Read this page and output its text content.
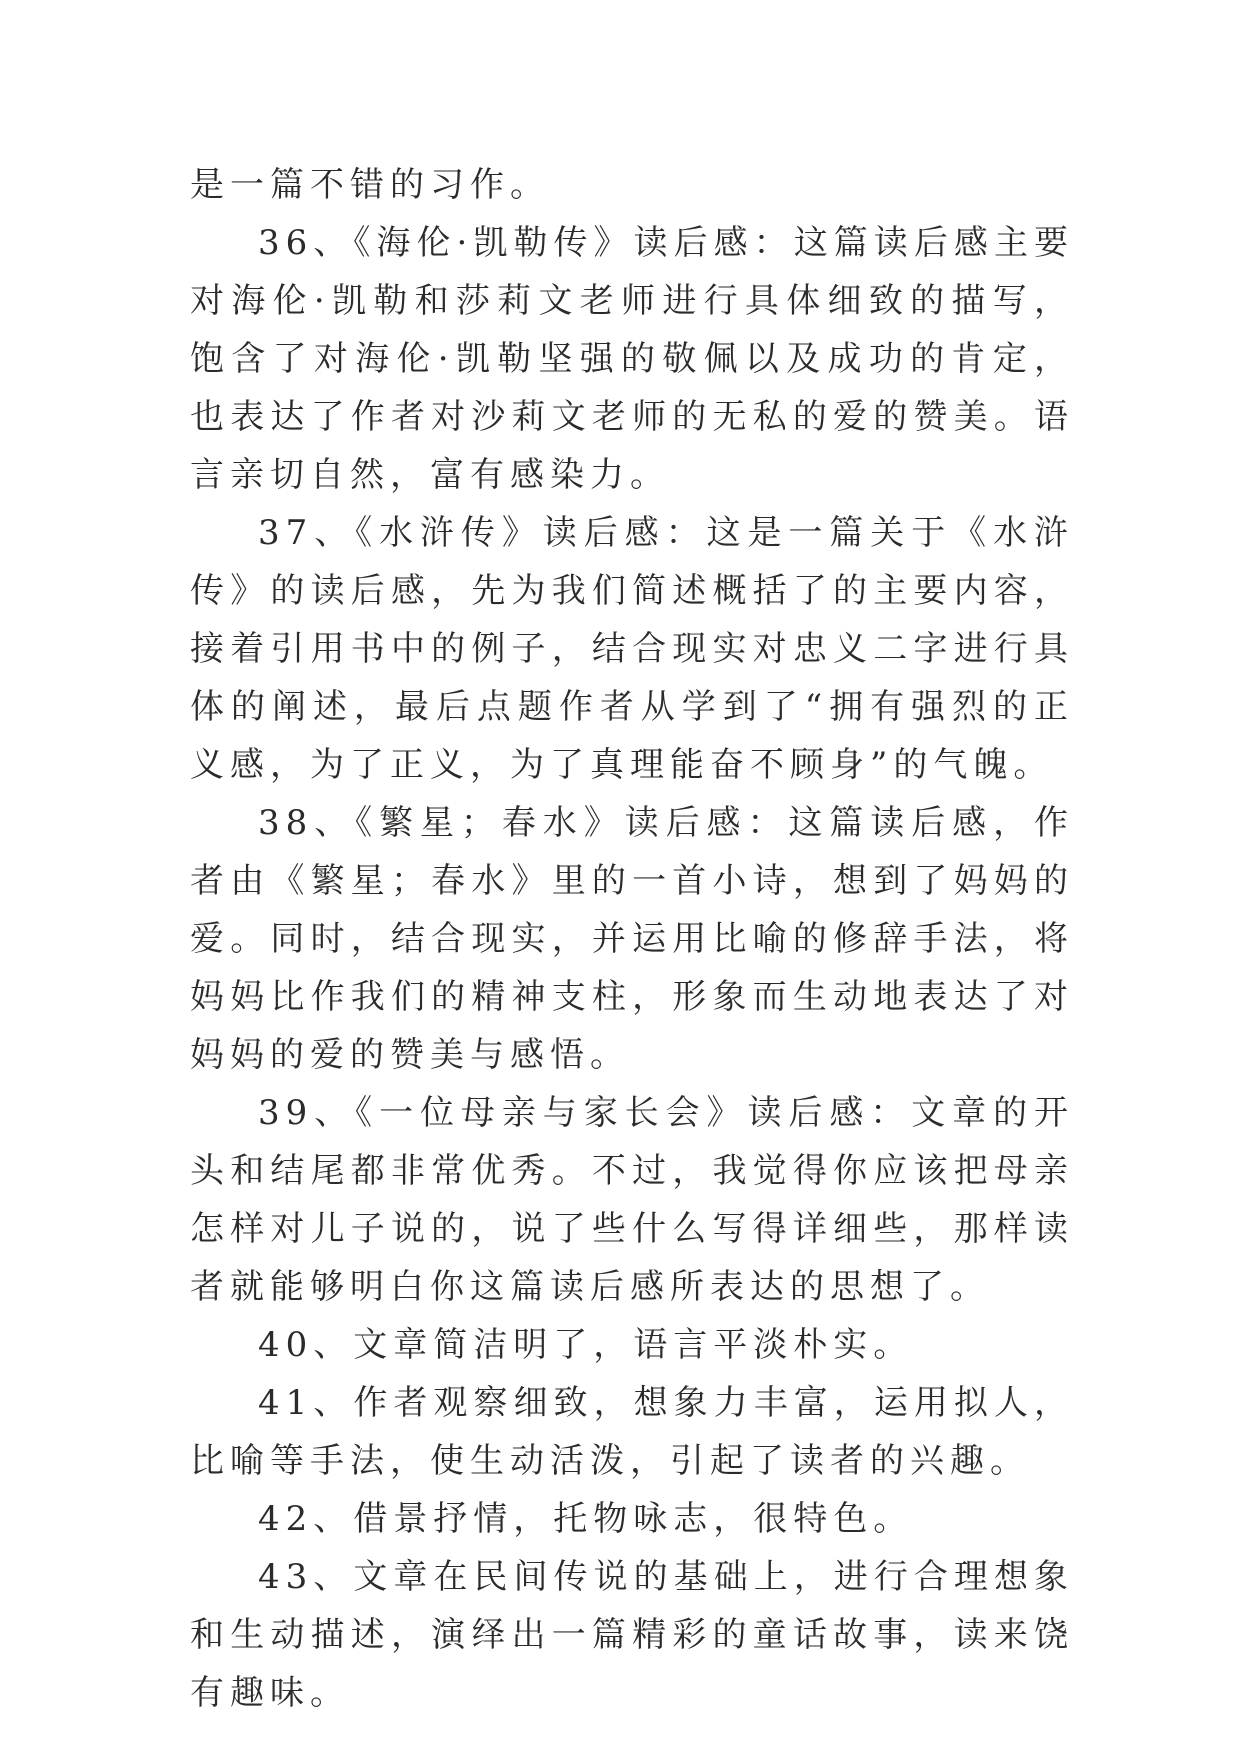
是一篇不错的习作。

36、《海伦·凯勒传》读后感：这篇读后感主要对海伦·凯勒和莎莉文老师进行具体细致的描写，饱含了对海伦·凯勒坚强的敬佩以及成功的肯定，也表达了作者对沙莉文老师的无私的爱的赞美。语言亲切自然，富有感染力。

37、《水浒传》读后感：这是一篇关于《水浒传》的读后感，先为我们简述概括了的主要内容，接着引用书中的例子，结合现实对忠义二字进行具体的阐述，最后点题作者从学到了“拥有强烈的正义感，为了正义，为了真理能奋不顾身”的气魄。

38、《繁星；春水》读后感：这篇读后感，作者由《繁星；春水》里的一首小诗，想到了妈妈的爱。同时，结合现实，并运用比喻的修辞手法，将妈妈比作我们的精神支柱，形象而生动地表达了对妈妈的爱的赞美与感悟。

39、《一位母亲与家长会》读后感：文章的开头和结尾都非常优秀。不过，我觉得你应该把母亲怎样对儿子说的，说了些什么写得详细些，那样读者就能够明白你这篇读后感所表达的思想了。

40、文章简洁明了，语言平淡朴实。

41、作者观察细致，想象力丰富，运用拟人，比喻等手法，使生动活泼，引起了读者的兴趣。

42、借景抒情，托物咏志，很特色。

43、文章在民间传说的基础上，进行合理想象和生动描述，演绎出一篇精彩的童话故事，读来饶有趣味。
